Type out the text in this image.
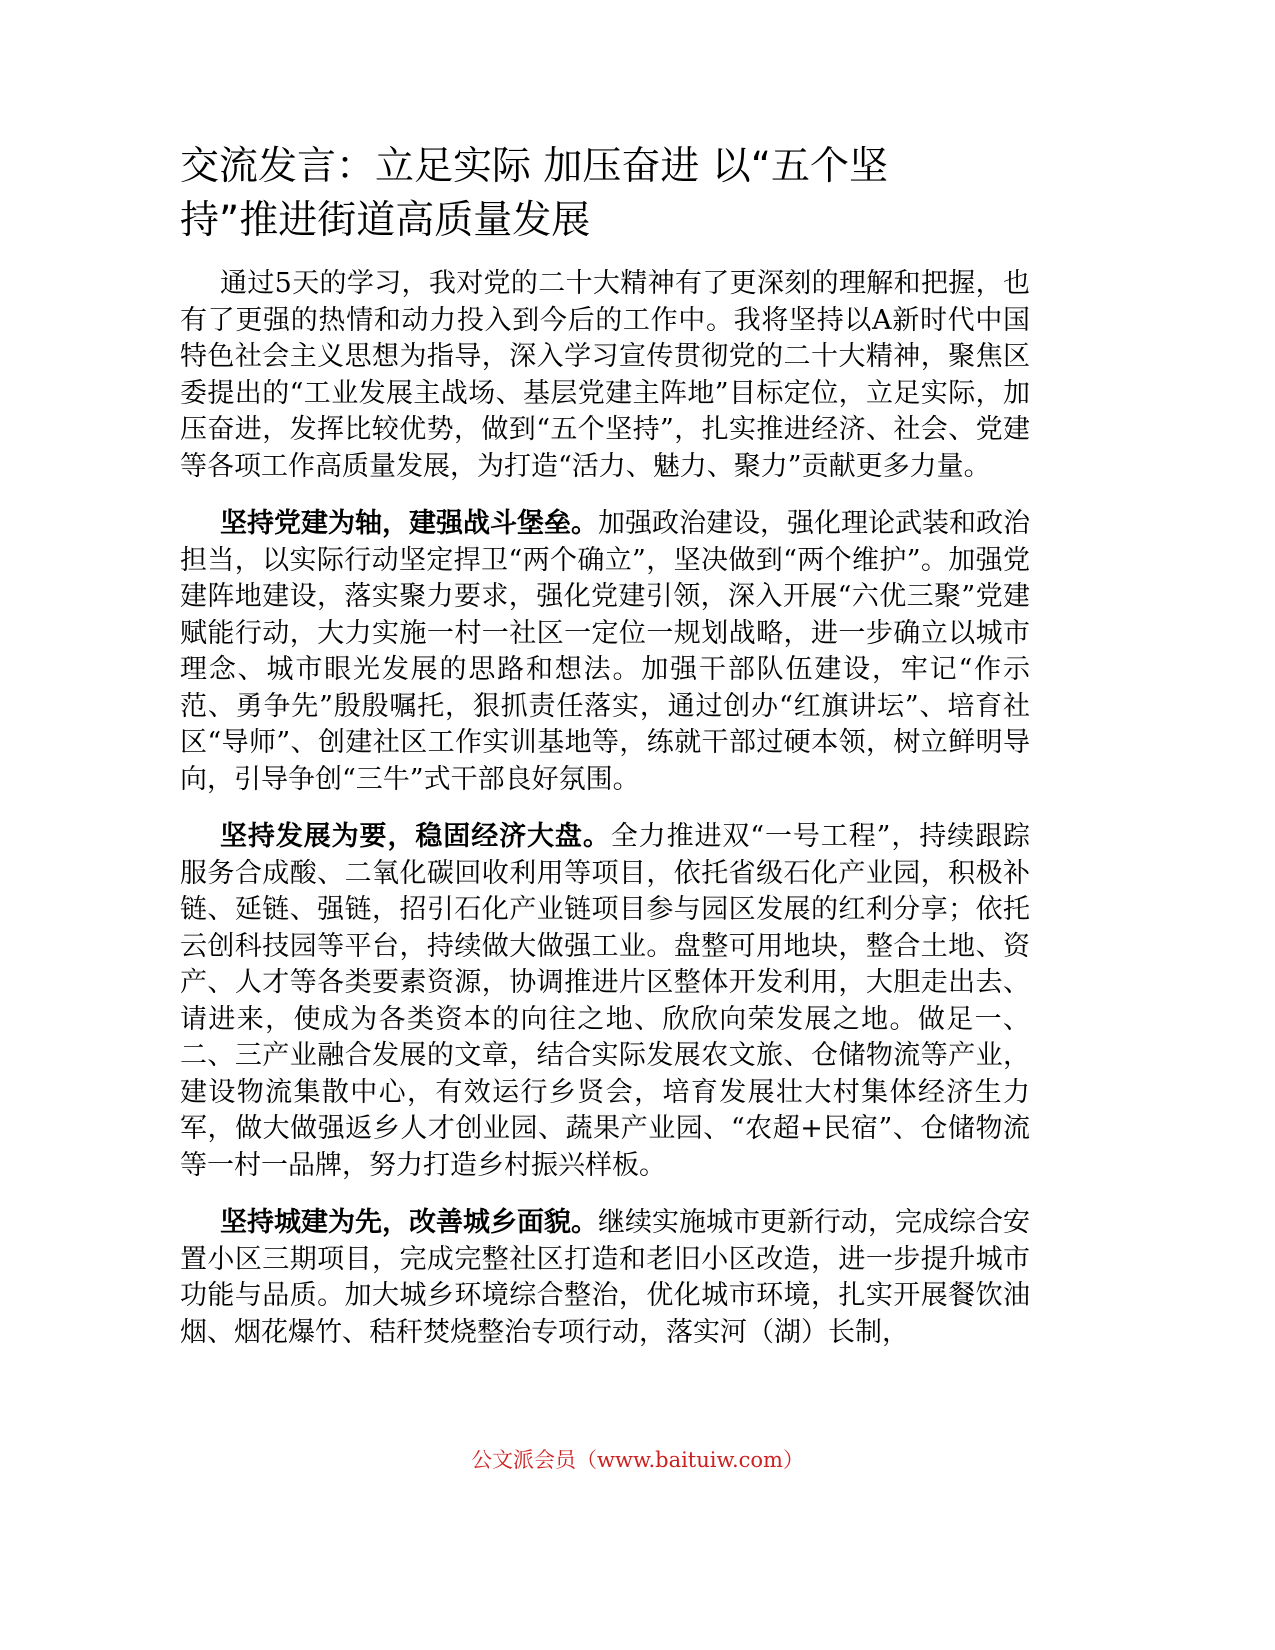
交流发言：立足实际 加压奋进 以“五个坚持”推进街道高质量发展

通过5天的学习，我对党的二十大精神有了更深刻的理解和把握，也有了更强的热情和动力投入到今后的工作中。我将坚持以A新时代中国特色社会主义思想为指导，深入学习宣传贯彻党的二十大精神，聚焦区委提出的“工业发展主战场、基层党建主阵地”目标定位，立足实际，加压奋进，发挥比较优势，做到“五个坚持”，扎实推进经济、社会、党建等各项工作高质量发展，为打造“活力、魅力、聚力”贡献更多力量。

坚持党建为轴，建强战斗堡垒。加强政治建设，强化理论武装和政治担当，以实际行动坚定捍卫“两个确立”，坚决做到“两个维护”。加强党建阵地建设，落实聚力要求，强化党建引领，深入开展“六优三聚”党建赋能行动，大力实施一村一社区一定位一规划战略，进一步确立以城市理念、城市眼光发展的思路和想法。加强干部队伍建设，牢记“作示范、勇争先”殷殷嘱托，狠抓责任落实，通过创办“红旗讲坛”、培育社区“导师”、创建社区工作实训基地等，练就干部过硬本领，树立鲜明导向，引导争创“三牛”式干部良好氛围。

坚持发展为要，稳固经济大盘。全力推进双“一号工程”，持续跟踪服务合成酸、二氧化碳回收利用等项目，依托省级石化产业园，积极补链、延链、强链，招引石化产业链项目参与园区发展的红利分享；依托云创科技园等平台，持续做大做强工业。盘整可用地块，整合土地、资产、人才等各类要素资源，协调推进片区整体开发利用，大胆走出去、请进来，使成为各类资本的向往之地、欣欣向荣发展之地。做足一、二、三产业融合发展的文章，结合实际发展农文旅、仓储物流等产业，建设物流集散中心，有效运行乡贤会，培育发展壮大村集体经济生力军，做大做强返乡人才创业园、蔬果产业园、“农超+民宿”、仓储物流等一村一品牌，努力打造乡村振兴样板。

坚持城建为先，改善城乡面貌。继续实施城市更新行动，完成综合安置小区三期项目，完成完整社区打造和老旧小区改造，进一步提升城市功能与品质。加大城乡环境综合整治，优化城市环境，扎实开展餐饮油烟、烟花爆竹、秸秆焚烧整治专项行动，落实河（湖）长制，

公文派会员（www.baituiw.com）
